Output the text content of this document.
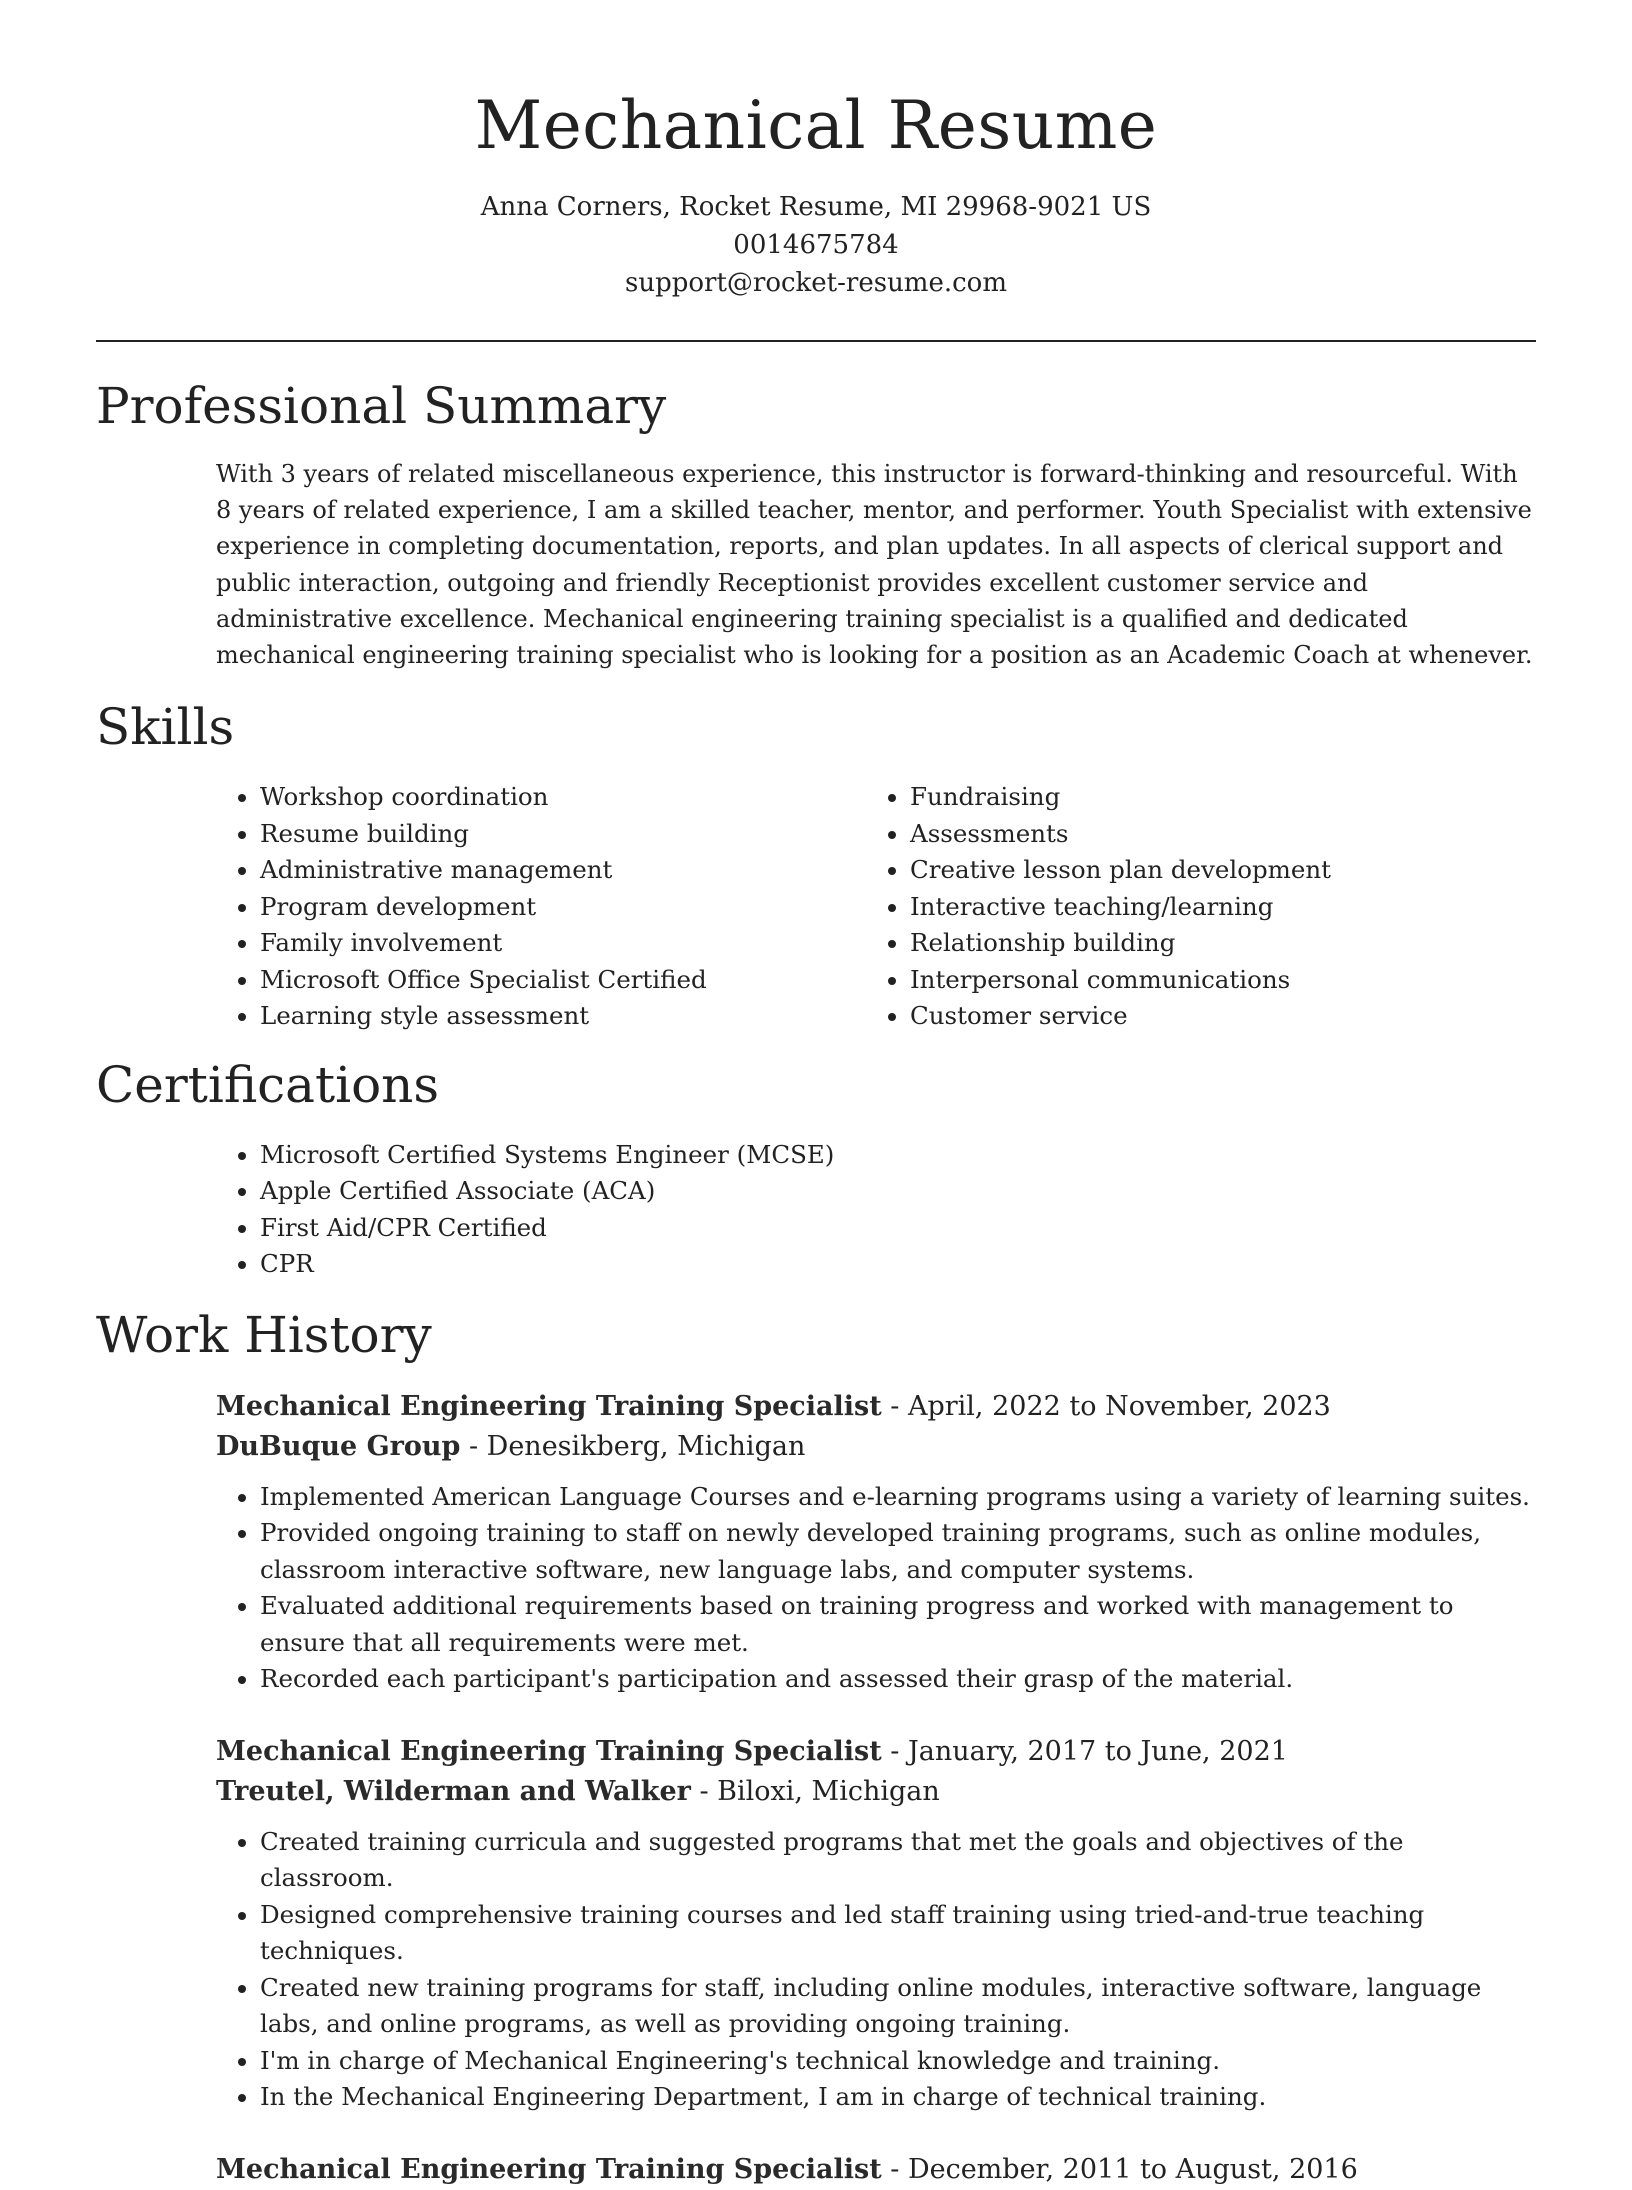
Mechanical Resume

Anna Corners, Rocket Resume, MI 29968-9021 US

0014675784

support@rocket-resume.com

Professional Summary

With 3 years of related miscellaneous experience, this instructor is forward-thinking and resourceful. With 8 years of related experience, I am a skilled teacher, mentor, and performer. Youth Specialist with extensive experience in completing documentation, reports, and plan updates. In all aspects of clerical support and public interaction, outgoing and friendly Receptionist provides excellent customer service and administrative excellence. Mechanical engineering training specialist is a qualified and dedicated mechanical engineering training specialist who is looking for a position as an Academic Coach at whenever.

Skills
• Workshop coordination
• Resume building
• Administrative management
• Program development
• Family involvement
• Microsoft Office Specialist Certified
• Learning style assessment
• Fundraising
• Assessments
• Creative lesson plan development
• Interactive teaching/learning
• Relationship building
• Interpersonal communications
• Customer service
Certifications
• Microsoft Certified Systems Engineer (MCSE)
• Apple Certified Associate (ACA)
• First Aid/CPR Certified
• CPR
Work History

Mechanical Engineering Training Specialist - April, 2022 to November, 2023

DuBuque Group - Denesikberg, Michigan

• Implemented American Language Courses and e-learning programs using a variety of learning suites.
• Provided ongoing training to staff on newly developed training programs, such as online modules, classroom interactive software, new language labs, and computer systems.
• Evaluated additional requirements based on training progress and worked with management to ensure that all requirements were met.
• Recorded each participant's participation and assessed their grasp of the material.

Mechanical Engineering Training Specialist - January, 2017 to June, 2021

Treutel, Wilderman and Walker - Biloxi, Michigan

• Created training curricula and suggested programs that met the goals and objectives of the classroom.
• Designed comprehensive training courses and led staff training using tried-and-true teaching techniques.
• Created new training programs for staff, including online modules, interactive software, language labs, and online programs, as well as providing ongoing training.
• I'm in charge of Mechanical Engineering's technical knowledge and training.
• In the Mechanical Engineering Department, I am in charge of technical training.

Mechanical Engineering Training Specialist - December, 2011 to August, 2016
